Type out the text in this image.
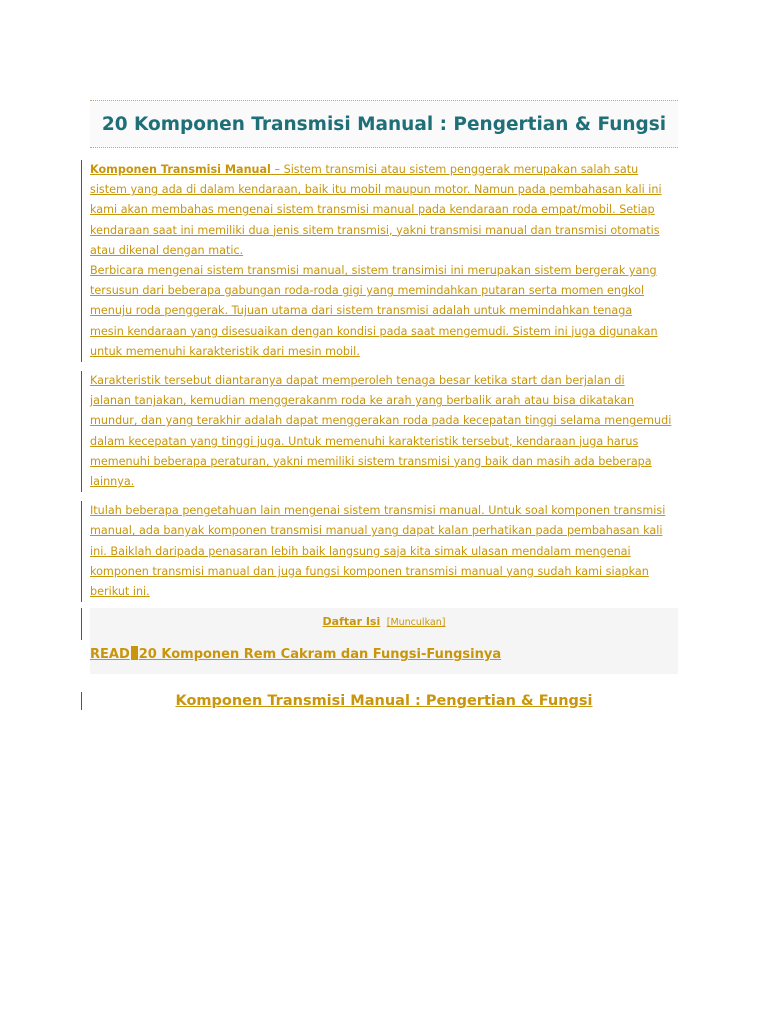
20 Komponen Transmisi Manual : Pengertian & Fungsi

Komponen Transmisi Manual – Sistem transmisi atau sistem penggerak merupakan salah satu
sistem yang ada di dalam kendaraan, baik itu mobil maupun motor. Namun pada pembahasan kali ini
kami akan membahas mengenai sistem transmisi manual pada kendaraan roda empat/mobil. Setiap
kendaraan saat ini memiliki dua jenis sitem transmisi, yakni transmisi manual dan transmisi otomatis
atau dikenal dengan matic.
Berbicara mengenai sistem transmisi manual, sistem transimisi ini merupakan sistem bergerak yang
tersusun dari beberapa gabungan roda-roda gigi yang memindahkan putaran serta momen engkol
menuju roda penggerak. Tujuan utama dari sistem transmisi adalah untuk memindahkan tenaga
mesin kendaraan yang disesuaikan dengan kondisi pada saat mengemudi. Sistem ini juga digunakan
untuk memenuhi karakteristik dari mesin mobil.

Karakteristik tersebut diantaranya dapat memperoleh tenaga besar ketika start dan berjalan di
jalanan tanjakan, kemudian menggerakanm roda ke arah yang berbalik arah atau bisa dikatakan
mundur, dan yang terakhir adalah dapat menggerakan roda pada kecepatan tinggi selama mengemudi
dalam kecepatan yang tinggi juga. Untuk memenuhi karakteristik tersebut, kendaraan juga harus
memenuhi beberapa peraturan, yakni memiliki sistem transmisi yang baik dan masih ada beberapa
lainnya.

Itulah beberapa pengetahuan lain mengenai sistem transmisi manual. Untuk soal komponen transmisi
manual, ada banyak komponen transmisi manual yang dapat kalan perhatikan pada pembahasan kali
ini. Baiklah daripada penasaran lebih baik langsung saja kita simak ulasan mendalam mengenai
komponen transmisi manual dan juga fungsi komponen transmisi manual yang sudah kami siapkan
berikut ini.

Daftar Isi [Munculkan]
READ 20 Komponen Rem Cakram dan Fungsi-Fungsinya
Komponen Transmisi Manual : Pengertian & Fungsi
